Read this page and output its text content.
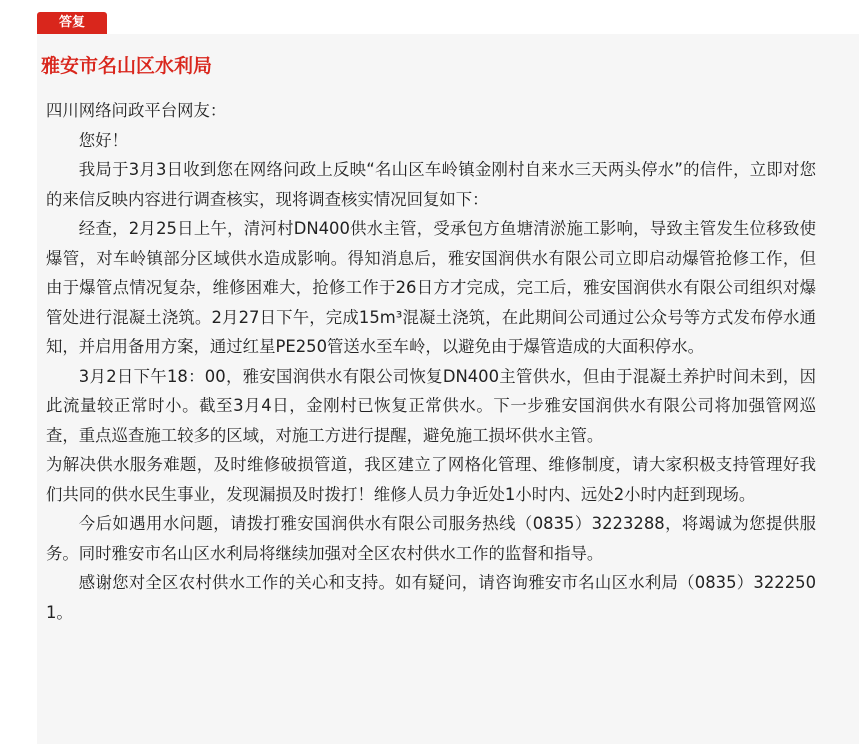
答复
雅安市名山区水利局

四川网络问政平台网友：

您好！

我局于3月3日收到您在网络问政上反映“名山区车岭镇金刚村自来水三天两头停水”的信件，立即对您的来信反映内容进行调查核实，现将调查核实情况回复如下：

经查，2月25日上午，清河村DN400供水主管，受承包方鱼塘清淤施工影响，导致主管发生位移致使爆管，对车岭镇部分区域供水造成影响。得知消息后，雅安国润供水有限公司立即启动爆管抢修工作，但由于爆管点情况复杂，维修困难大，抢修工作于26日方才完成，完工后，雅安国润供水有限公司组织对爆管处进行混凝土浇筑。2月27日下午，完成15m³混凝土浇筑，在此期间公司通过公众号等方式发布停水通知，并启用备用方案，通过红星PE250管送水至车岭，以避免由于爆管造成的大面积停水。

3月2日下午18：00，雅安国润供水有限公司恢复DN400主管供水，但由于混凝土养护时间未到，因此流量较正常时小。截至3月4日，金刚村已恢复正常供水。下一步雅安国润供水有限公司将加强管网巡查，重点巡查施工较多的区域，对施工方进行提醒，避免施工损坏供水主管。

为解决供水服务难题，及时维修破损管道，我区建立了网格化管理、维修制度，请大家积极支持管理好我们共同的供水民生事业，发现漏损及时拨打！维修人员力争近处1小时内、远处2小时内赶到现场。

今后如遇用水问题，请拨打雅安国润供水有限公司服务热线（0835）3223288，将竭诚为您提供服务。同时雅安市名山区水利局将继续加强对全区农村供水工作的监督和指导。

感谢您对全区农村供水工作的关心和支持。如有疑问，请咨询雅安市名山区水利局（0835）3222501。
